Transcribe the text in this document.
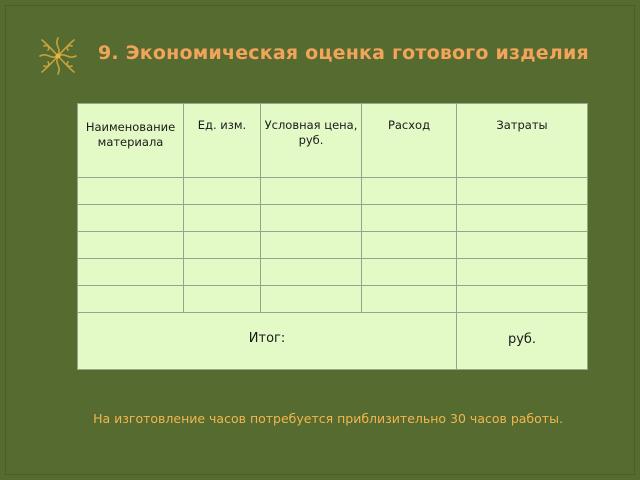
9. Экономическая оценка готового изделия
Наименование материала	Ед. изм.	Условная цена, руб.	Расход	Затраты

Итог:				руб.
На изготовление часов потребуется приблизительно 30 часов работы.
